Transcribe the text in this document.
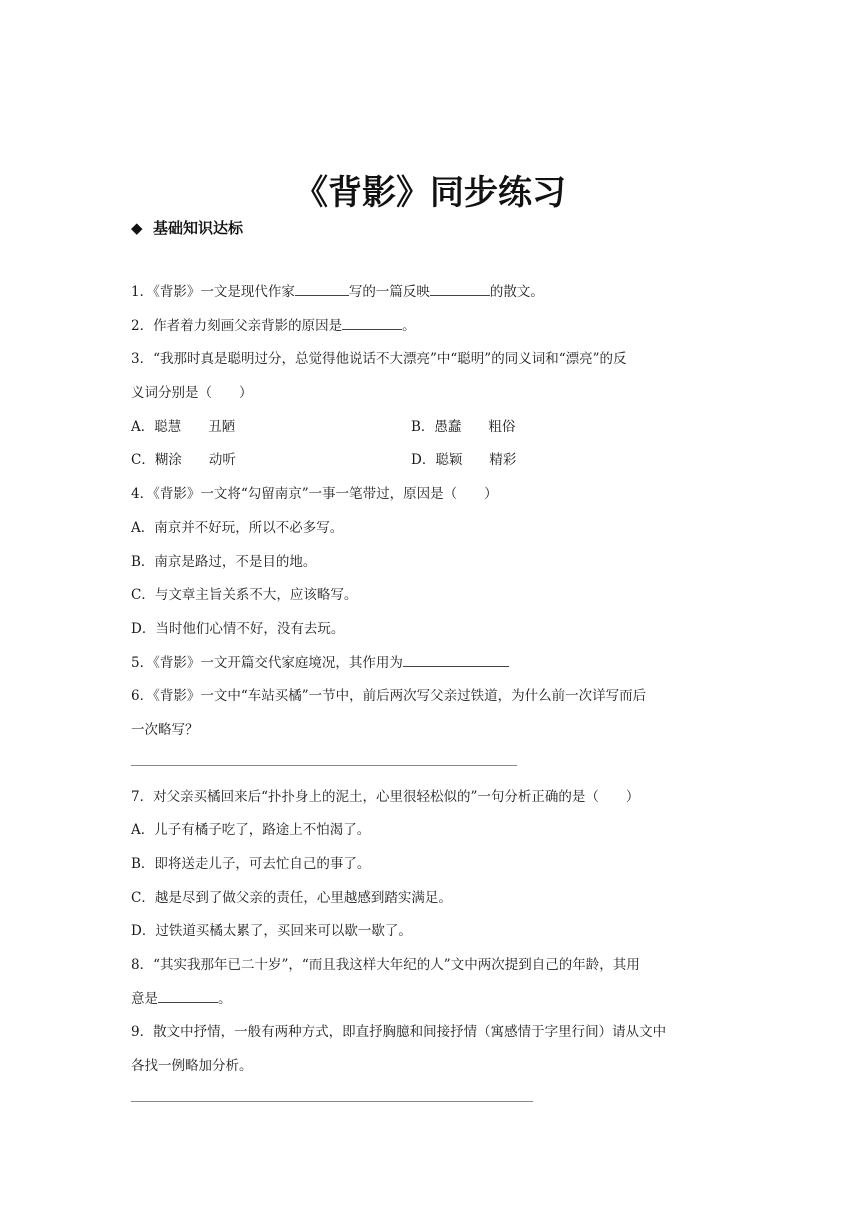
《背影》同步练习
◆ 基础知识达标
1．《背影》一文是现代作家	写的一篇反映	的散文。
2．作者着力刻画父亲背影的原因是	。
3．“我那时真是聪明过分，总觉得他说话不大漂亮”中“聪明”的同义词和“漂亮”的反
义词分别是（　　）
A．聪慧　　丑陋	B．愚蠢　　粗俗
C．糊涂　　动听	D．聪颖　　精彩
4．《背影》一文将“勾留南京”一事一笔带过，原因是（　　）
A．南京并不好玩，所以不必多写。
B．南京是路过，不是目的地。
C．与文章主旨关系不大，应该略写。
D．当时他们心情不好，没有去玩。
5．《背影》一文开篇交代家庭境况，其作用为
6．《背影》一文中“车站买橘”一节中，前后两次写父亲过铁道，为什么前一次详写而后
一次略写？
7．对父亲买橘回来后“扑扑身上的泥土，心里很轻松似的”一句分析正确的是（　　）
A．儿子有橘子吃了，路途上不怕渴了。
B．即将送走儿子，可去忙自己的事了。
C．越是尽到了做父亲的责任，心里越感到踏实满足。
D．过铁道买橘太累了，买回来可以歇一歇了。
8．“其实我那年已二十岁”，“而且我这样大年纪的人”文中两次提到自己的年龄，其用
意是	。
9．散文中抒情，一般有两种方式，即直抒胸臆和间接抒情（寓感情于字里行间）请从文中
各找一例略加分析。
